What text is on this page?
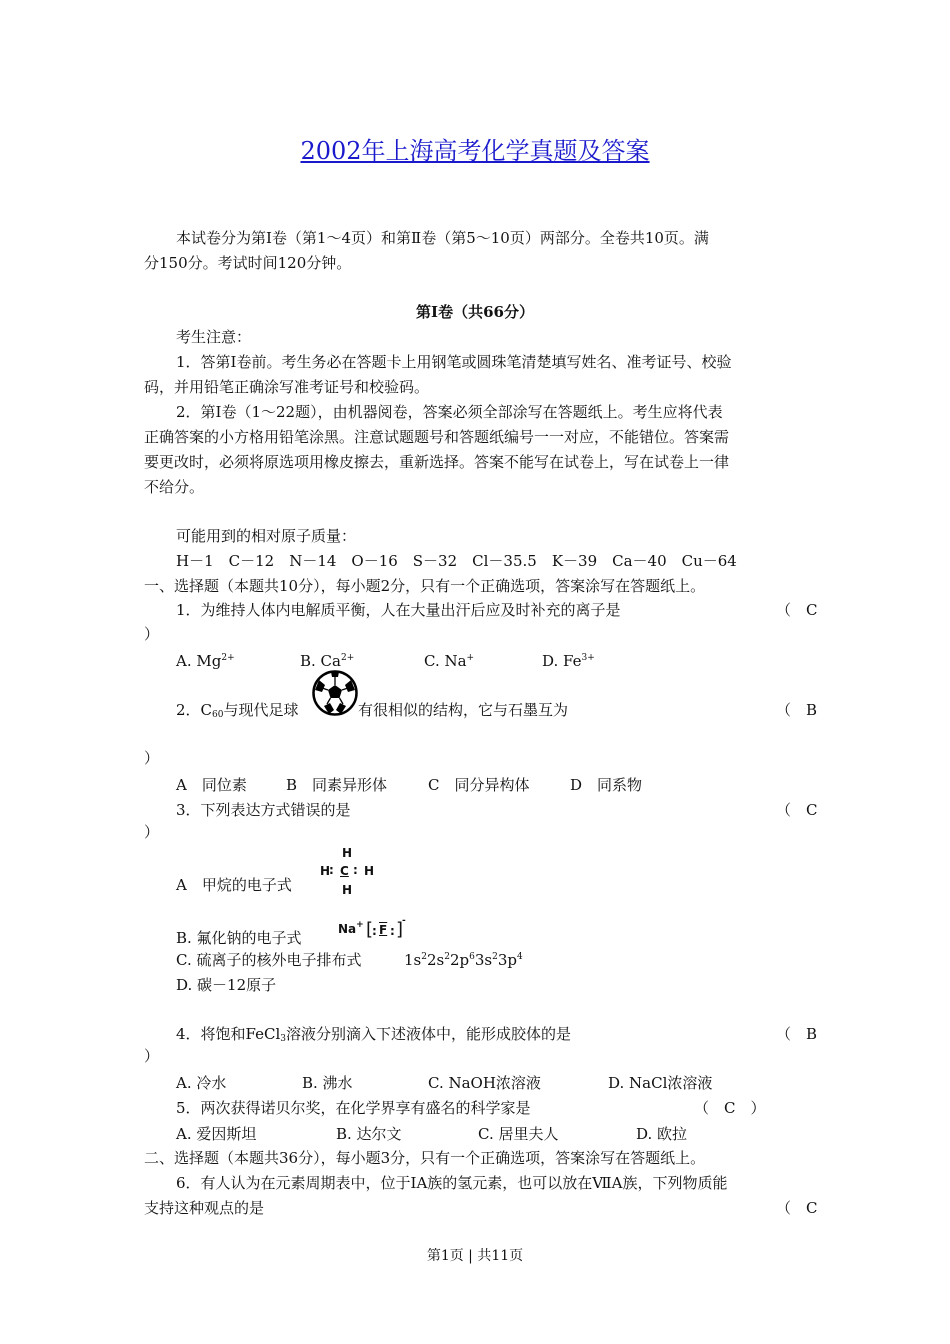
2002年上海高考化学真题及答案
本试卷分为第Ⅰ卷（第1～4页）和第Ⅱ卷（第5～10页）两部分。全卷共10页。满
分150分。考试时间120分钟。
第Ⅰ卷（共66分）
考生注意：
1．答第Ⅰ卷前。考生务必在答题卡上用钢笔或圆珠笔清楚填写姓名、准考证号、校验
码，并用铅笔正确涂写准考证号和校验码。
2．第Ⅰ卷（1～22题），由机器阅卷，答案必须全部涂写在答题纸上。考生应将代表
正确答案的小方格用铅笔涂黑。注意试题题号和答题纸编号一一对应，不能错位。答案需
要更改时，必须将原选项用橡皮擦去，重新选择。答案不能写在试卷上，写在试卷上一律
不给分。
可能用到的相对原子质量：
H－1　C－12　N－14　O－16　S－32　Cl－35.5　K－39　Ca－40　Cu－64
一、选择题（本题共10分），每小题2分，只有一个正确选项，答案涂写在答题纸上。
1．为维持人体内电解质平衡，人在大量出汗后应及时补充的离子是	（　C
）
A. $Mg^{2+}$	B. $Ca^{2+}$	C. Na+	D. $Fe^{3+}$
2．$C_{60}$与现代足球	有很相似的结构，它与石墨互为	（　B
）
A　同位素	B　同素异形体	C　同分异构体	D　同系物
3．下列表达方式错误的是	（　C
）
A　甲烷的电子式
H
H
: C : H
H
B. 氟化钠的电子式	Na+ [
: F : ]
-
C. 硫离子的核外电子排布式	$1s^22s^22p^63s^23p^4$
D. 碳－12原子
4．将饱和FeCl$_3$溶液分别滴入下述液体中，能形成胶体的是	（　B
）
A. 冷水	B. 沸水	C. NaOH浓溶液	D. NaCl浓溶液
5．两次获得诺贝尔奖，在化学界享有盛名的科学家是	（　C　）
A. 爱因斯坦	B. 达尔文	C. 居里夫人	D. 欧拉
二、选择题（本题共36分），每小题3分，只有一个正确选项，答案涂写在答题纸上。
6．有人认为在元素周期表中，位于ⅠA族的氢元素，也可以放在ⅦA族，下列物质能
支持这种观点的是	（　C
第1页 | 共11页
